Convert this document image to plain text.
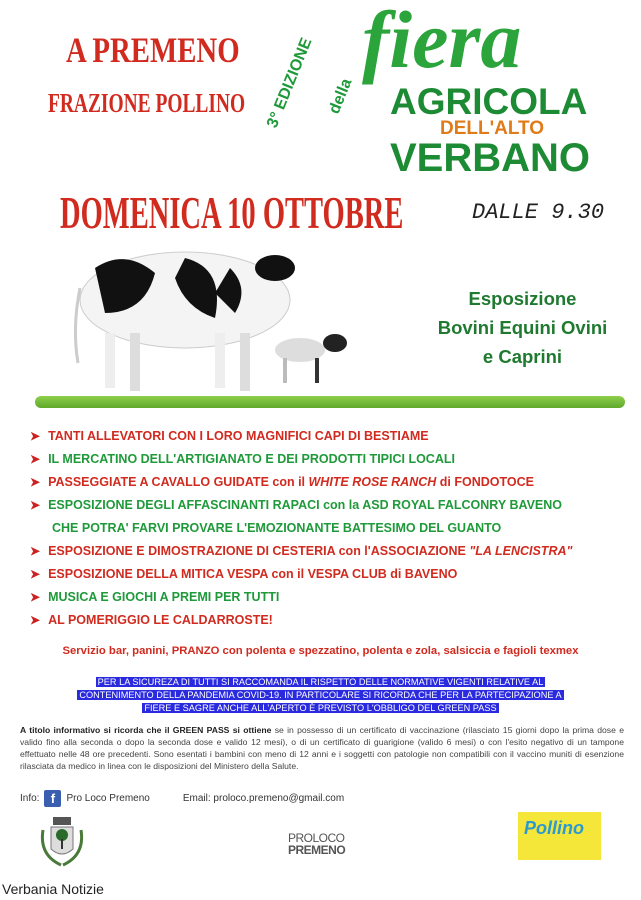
A PREMENO
FRAZIONE POLLINO 3° EDIZIONE della
fiera
AGRICOLA
DELL'ALTO
VERBANO
DOMENICA 10 OTTOBRE	DALLE 9.30
Esposizione
Bovini Equini Ovini
e Caprini
➤ TANTI ALLEVATORI CON I LORO MAGNIFICI CAPI DI BESTIAME
➤ IL MERCATINO DELL'ARTIGIANATO E DEI PRODOTTI TIPICI LOCALI
➤ PASSEGGIATE A CAVALLO GUIDATE con il WHITE ROSE RANCH di FONDOTOCE
➤ ESPOSIZIONE DEGLI AFFASCINANTI RAPACI con la ASD ROYAL FALCONRY BAVENO
CHE POTRA' FARVI PROVARE L'EMOZIONANTE BATTESIMO DEL GUANTO
➤ ESPOSIZIONE E DIMOSTRAZIONE DI CESTERIA con l'ASSOCIAZIONE "LA LENCISTRA"
➤ ESPOSIZIONE DELLA MITICA VESPA con il VESPA CLUB di BAVENO
➤ MUSICA E GIOCHI A PREMI PER TUTTI
➤ AL POMERIGGIO LE CALDARROSTE!
Servizio bar, panini, PRANZO con polenta e spezzatino, polenta e zola, salsiccia e fagioli texmex
PER LA SICUREZA DI TUTTI SI RACCOMANDA IL RISPETTO DELLE NORMATIVE VIGENTI RELATIVE AL
CONTENIMENTO DELLA PANDEMIA COVID-19. IN PARTICOLARE SI RICORDA CHE PER LA PARTECIPAZIONE A
FIERE E SAGRE ANCHE ALL'APERTO È PREVISTO L'OBBLIGO DEL GREEN PASS
A titolo informativo si ricorda che il GREEN PASS si ottiene se in possesso di un certificato di vaccinazione (rilasciato 15 giorni dopo la prima dose e valido fino alla seconda o dopo la seconda dose e valido 12 mesi), o di un certificato di guarigione (valido 6 mesi) o con l'esito negativo di un tampone effettuato nelle 48 ore precedenti. Sono esentati i bambini con meno di 12 anni e i soggetti con patologie non compatibili con il vaccino muniti di esenzione rilasciata da medico in linea con le disposizioni del Ministero della Salute.
Info: f	Pro Loco Premeno	Email: proloco.premeno@gmail.com
PROLOCO
PREMENO
Pollino
Verbania Notizie
